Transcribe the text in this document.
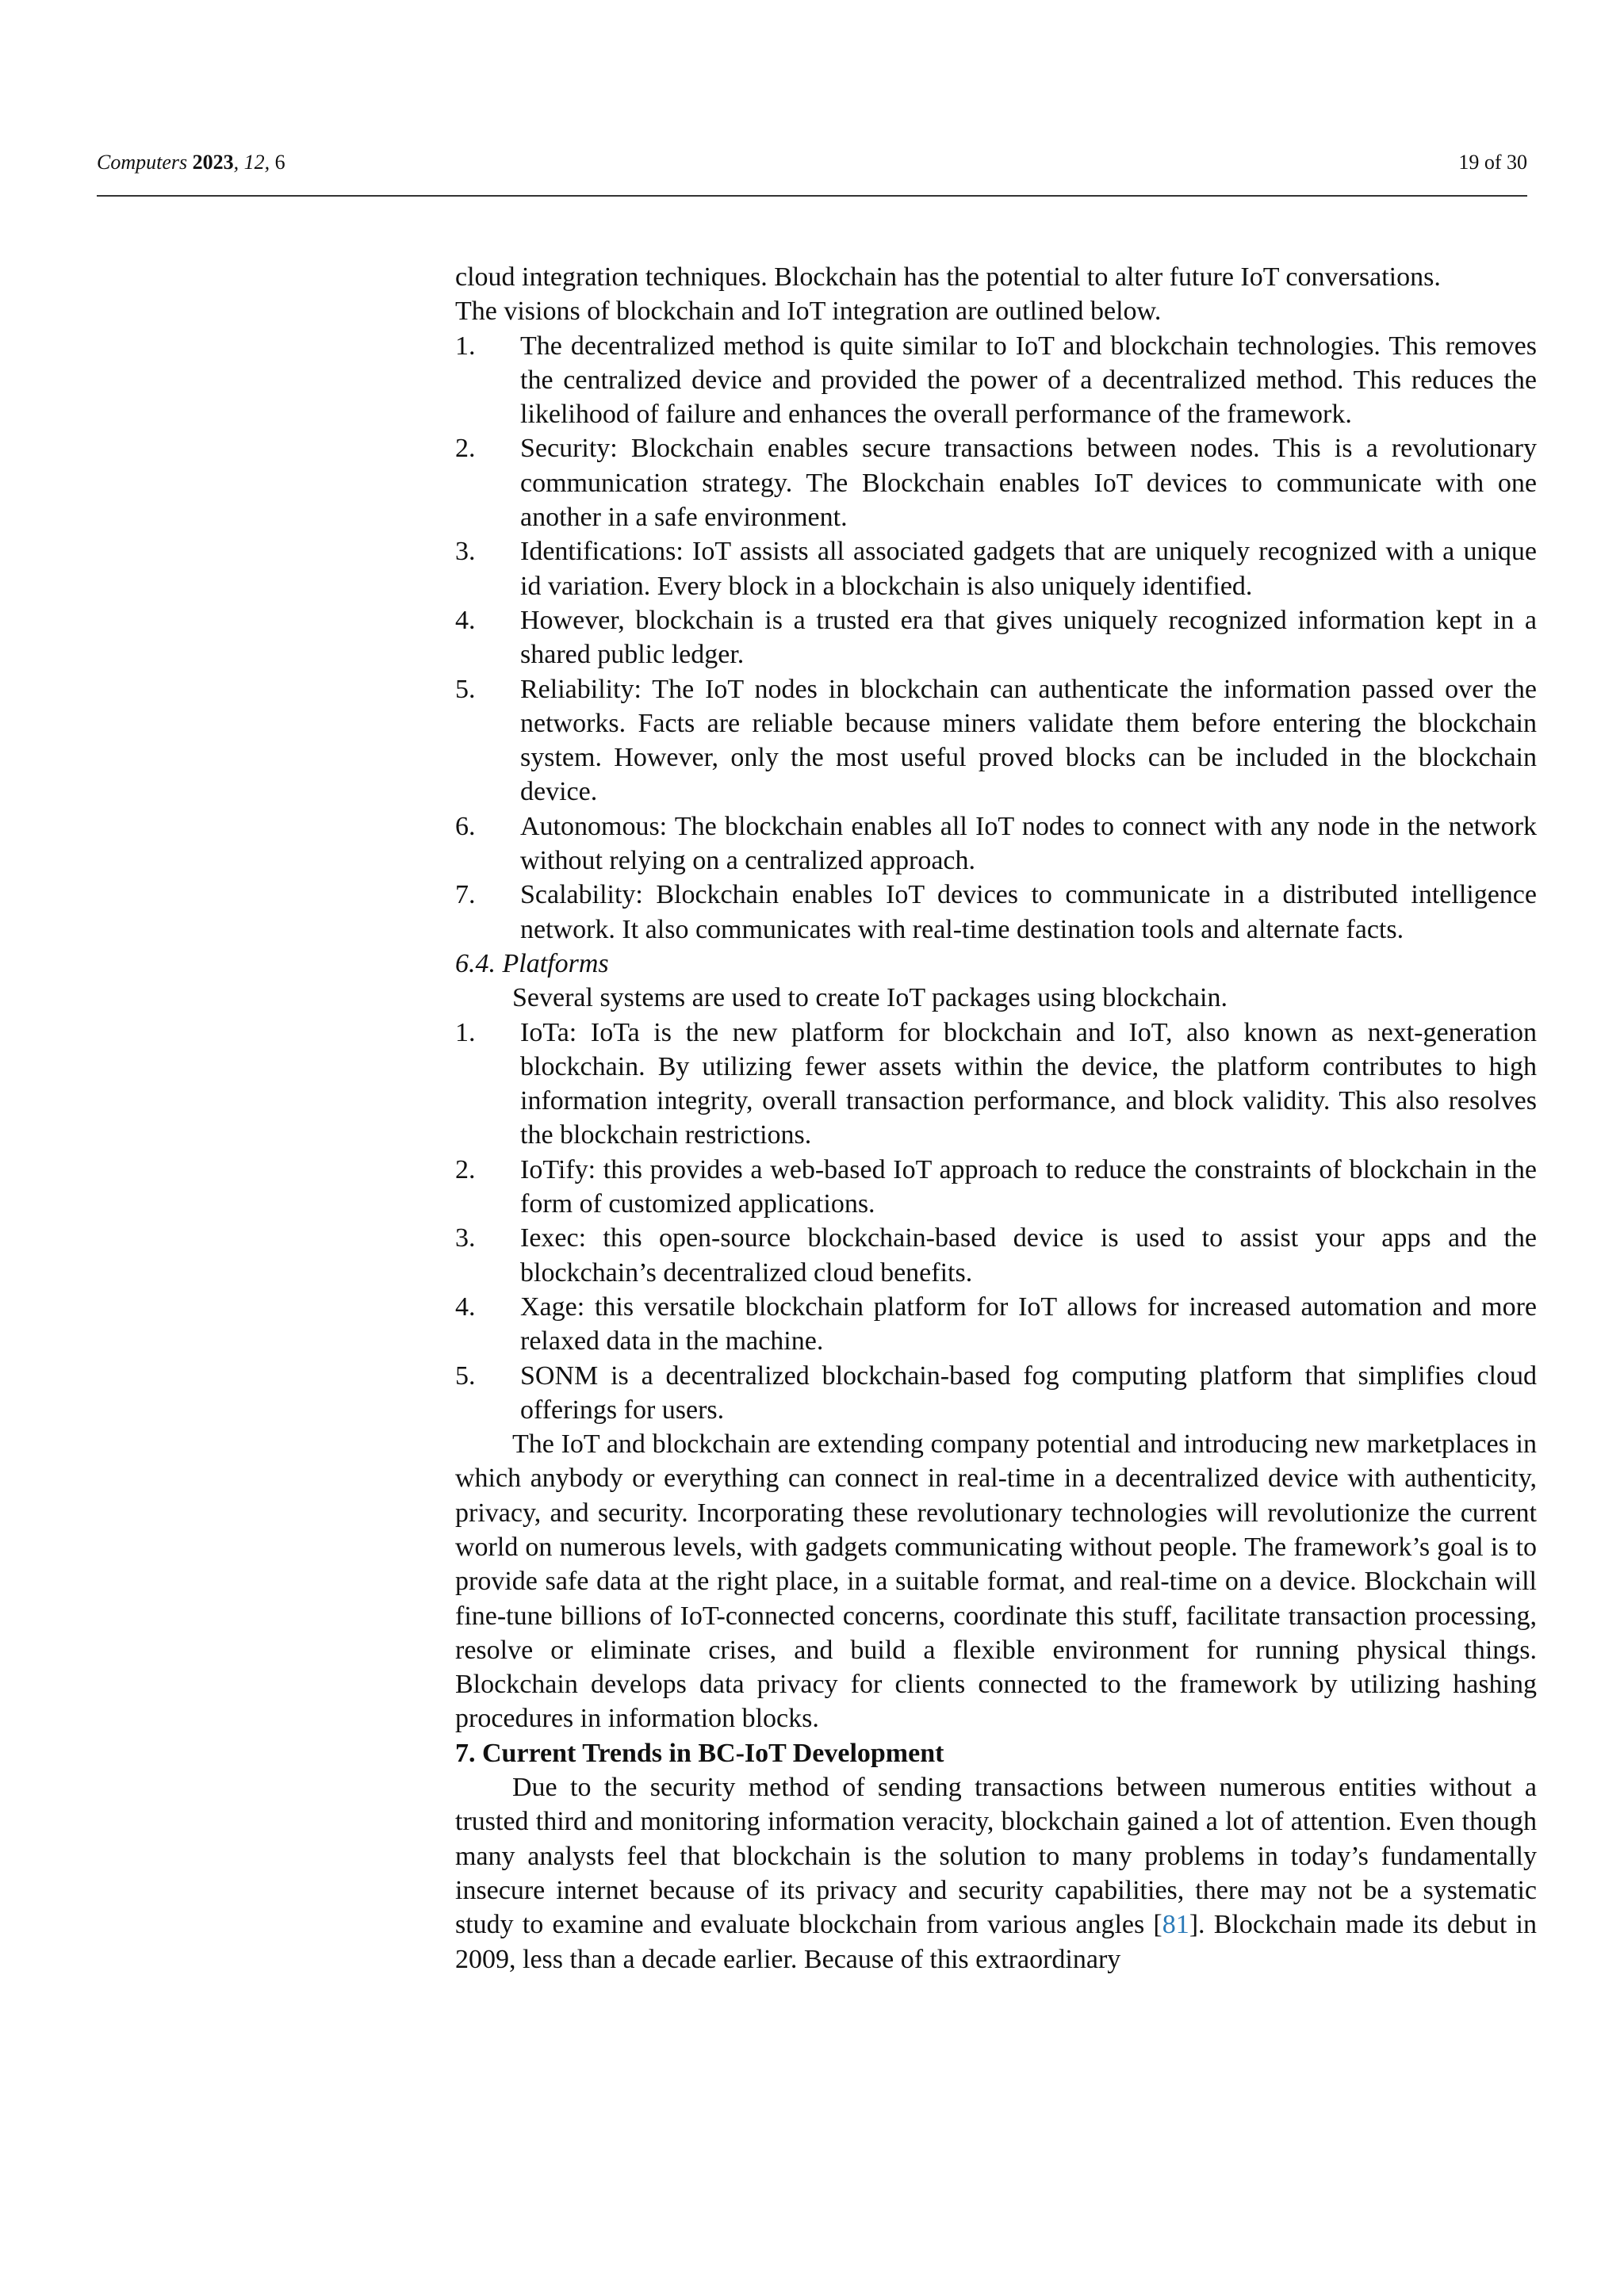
Computers 2023, 12, 6	19 of 30

cloud integration techniques. Blockchain has the potential to alter future IoT conversations.
The visions of blockchain and IoT integration are outlined below.

1.	The decentralized method is quite similar to IoT and blockchain technologies. This removes the centralized device and provided the power of a decentralized method. This reduces the likelihood of failure and enhances the overall performance of the framework.
2.	Security: Blockchain enables secure transactions between nodes. This is a revolutionary communication strategy. The Blockchain enables IoT devices to communicate with one another in a safe environment.
3.	Identifications: IoT assists all associated gadgets that are uniquely recognized with a unique id variation. Every block in a blockchain is also uniquely identified.
4.	However, blockchain is a trusted era that gives uniquely recognized information kept in a shared public ledger.
5.	Reliability: The IoT nodes in blockchain can authenticate the information passed over the networks. Facts are reliable because miners validate them before entering the blockchain system. However, only the most useful proved blocks can be included in the blockchain device.
6.	Autonomous: The blockchain enables all IoT nodes to connect with any node in the network without relying on a centralized approach.
7.	Scalability: Blockchain enables IoT devices to communicate in a distributed intelligence network. It also communicates with real-time destination tools and alternate facts.

6.4. Platforms

Several systems are used to create IoT packages using blockchain.

1.	IoTa: IoTa is the new platform for blockchain and IoT, also known as next-generation blockchain. By utilizing fewer assets within the device, the platform contributes to high information integrity, overall transaction performance, and block validity. This also resolves the blockchain restrictions.
2.	IoTify: this provides a web-based IoT approach to reduce the constraints of blockchain in the form of customized applications.
3.	Iexec: this open-source blockchain-based device is used to assist your apps and the blockchain’s decentralized cloud benefits.
4.	Xage: this versatile blockchain platform for IoT allows for increased automation and more relaxed data in the machine.
5.	SONM is a decentralized blockchain-based fog computing platform that simplifies cloud offerings for users.

The IoT and blockchain are extending company potential and introducing new marketplaces in which anybody or everything can connect in real-time in a decentralized device with authenticity, privacy, and security. Incorporating these revolutionary technologies will revolutionize the current world on numerous levels, with gadgets communicating without people. The framework’s goal is to provide safe data at the right place, in a suitable format, and real-time on a device. Blockchain will fine-tune billions of IoT-connected concerns, coordinate this stuff, facilitate transaction processing, resolve or eliminate crises, and build a flexible environment for running physical things. Blockchain develops data privacy for clients connected to the framework by utilizing hashing procedures in information blocks.

7. Current Trends in BC-IoT Development

Due to the security method of sending transactions between numerous entities without a trusted third and monitoring information veracity, blockchain gained a lot of attention. Even though many analysts feel that blockchain is the solution to many problems in today’s fundamentally insecure internet because of its privacy and security capabilities, there may not be a systematic study to examine and evaluate blockchain from various angles [81]. Blockchain made its debut in 2009, less than a decade earlier. Because of this extraordinary
